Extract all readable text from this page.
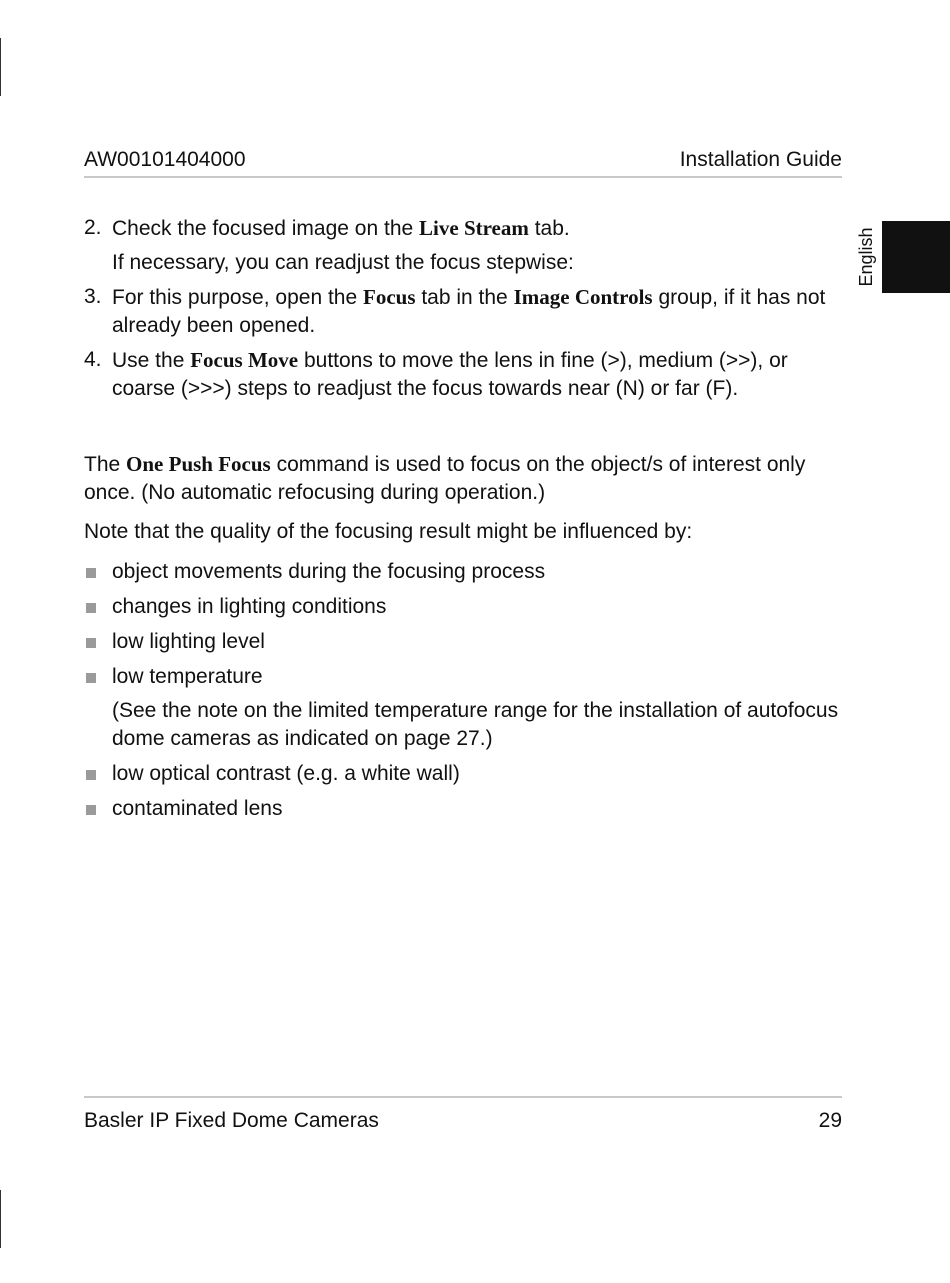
AW00101404000	Installation Guide
English
2. Check the focused image on the Live Stream tab.
If necessary, you can readjust the focus stepwise:
3. For this purpose, open the Focus tab in the Image Controls group, if it has not already been opened.
4. Use the Focus Move buttons to move the lens in fine (>), medium (>>), or coarse (>>>) steps to readjust the focus towards near (N) or far (F).
The One Push Focus command is used to focus on the object/s of interest only once. (No automatic refocusing during operation.)
Note that the quality of the focusing result might be influenced by:
object movements during the focusing process
changes in lighting conditions
low lighting level
low temperature
(See the note on the limited temperature range for the installation of autofocus dome cameras as indicated on page 27.)
low optical contrast (e.g. a white wall)
contaminated lens
Basler IP Fixed Dome Cameras	29
